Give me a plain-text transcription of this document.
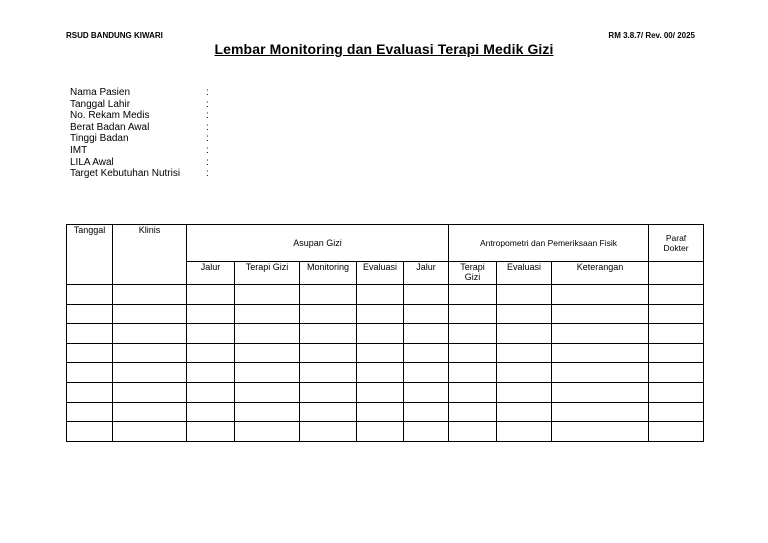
RSUD BANDUNG KIWARI	RM 3.8.7/ Rev. 00/ 2025
Lembar Monitoring dan Evaluasi Terapi Medik Gizi
Nama Pasien	:
Tanggal Lahir	:
No. Rekam Medis	:
Berat Badan Awal	:
Tinggi Badan	:
IMT	:
LILA Awal	:
Target Kebutuhan Nutrisi	:
Tanggal	Klinis	Asupan Gizi					Antropometri dan Pemeriksaan Fisik			Paraf Dokter
		Jalur	Terapi Gizi	Monitoring	Evaluasi	Jalur	Terapi Gizi	Evaluasi	Keterangan	
